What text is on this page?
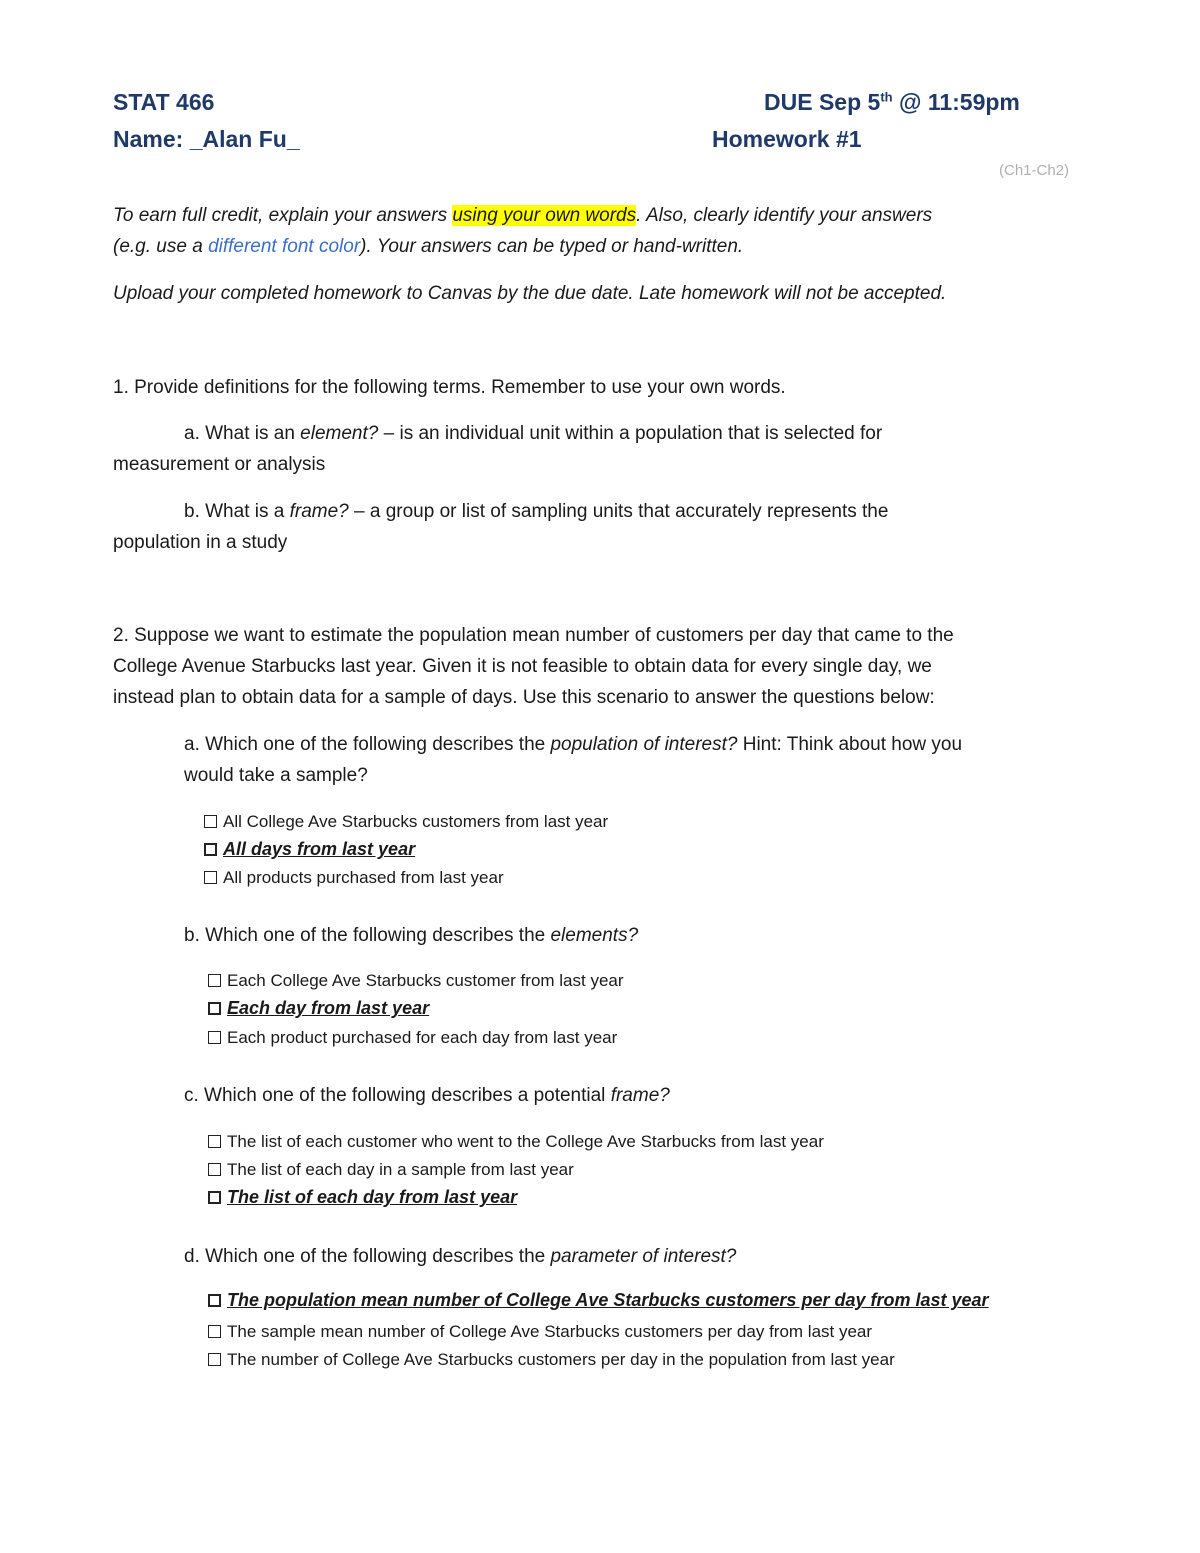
STAT 466	DUE Sep 5th @ 11:59pm
Name: _Alan Fu_	Homework #1
(Ch1-Ch2)
To earn full credit, explain your answers using your own words. Also, clearly identify your answers
(e.g. use a different font color). Your answers can be typed or hand-written.
Upload your completed homework to Canvas by the due date. Late homework will not be accepted.
1. Provide definitions for the following terms. Remember to use your own words.
a. What is an element? – is an individual unit within a population that is selected for
measurement or analysis
b. What is a frame? – a group or list of sampling units that accurately represents the
population in a study
2. Suppose we want to estimate the population mean number of customers per day that came to the
College Avenue Starbucks last year. Given it is not feasible to obtain data for every single day, we
instead plan to obtain data for a sample of days. Use this scenario to answer the questions below:
a. Which one of the following describes the population of interest? Hint: Think about how you
would take a sample?
All College Ave Starbucks customers from last year
All days from last year
All products purchased from last year
b. Which one of the following describes the elements?
Each College Ave Starbucks customer from last year
Each day from last year
Each product purchased for each day from last year
c. Which one of the following describes a potential frame?
The list of each customer who went to the College Ave Starbucks from last year
The list of each day in a sample from last year
The list of each day from last year
d. Which one of the following describes the parameter of interest?
The population mean number of College Ave Starbucks customers per day from last year
The sample mean number of College Ave Starbucks customers per day from last year
The number of College Ave Starbucks customers per day in the population from last year
